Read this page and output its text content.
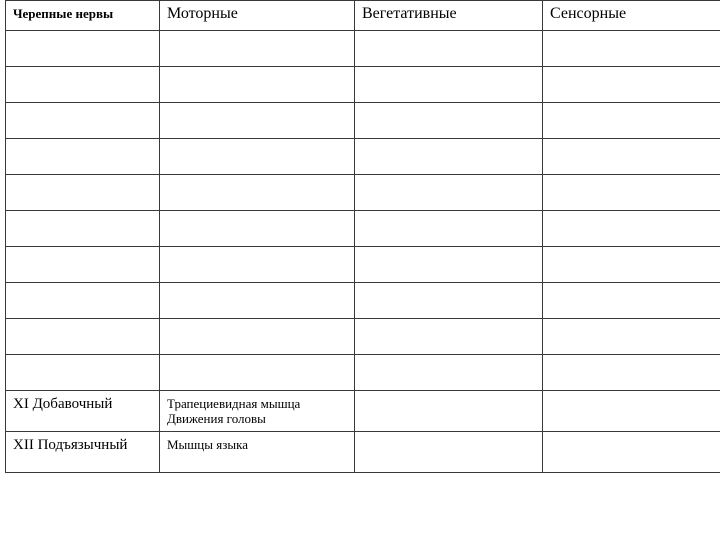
Черепные нервы	Моторные	Вегетативные	Сенсорные

XI Добавочный	Трапециевидная мышца
Движения головы		

XII Подъязычный	Мышцы языка		
